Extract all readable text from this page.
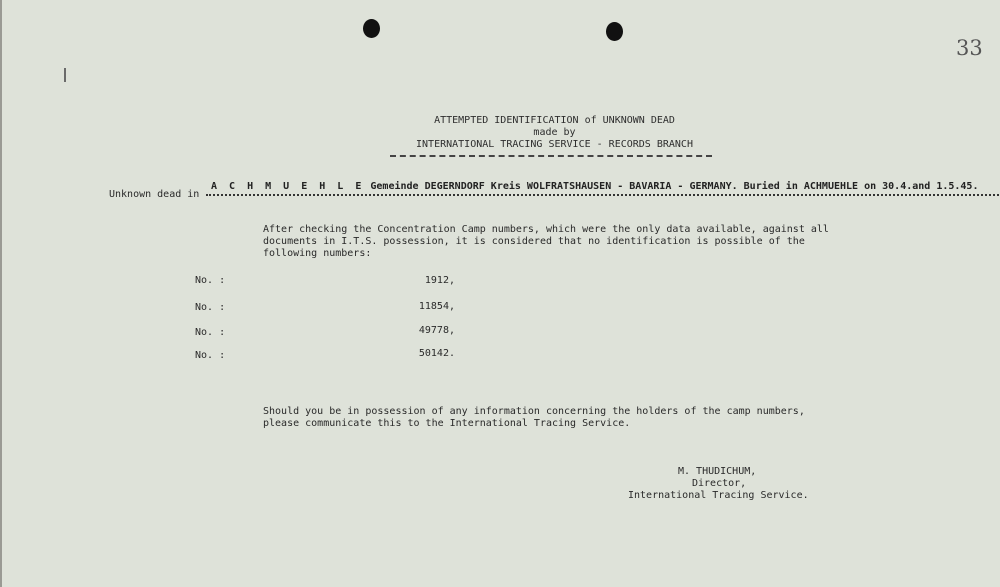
33
ATTEMPTED IDENTIFICATION of UNKNOWN DEAD
made by
INTERNATIONAL TRACING SERVICE - RECORDS BRANCH
Unknown dead in
A C H M U E H L E Gemeinde DEGERNDORF Kreis WOLFRATSHAUSEN - BAVARIA - GERMANY. Buried in ACHMUEHLE on 30.4.and 1.5.45.
After checking the Concentration Camp numbers, which were the only data available, against all
documents in I.T.S. possession, it is considered that no identification is possible of the
following numbers:
No. :	1912,
No. :	11854,
No. :	49778,
No. :	50142.
Should you be in possession of any information concerning the holders of the camp numbers,
please communicate this to the International Tracing Service.
M. THUDICHUM,
Director,
International Tracing Service.
